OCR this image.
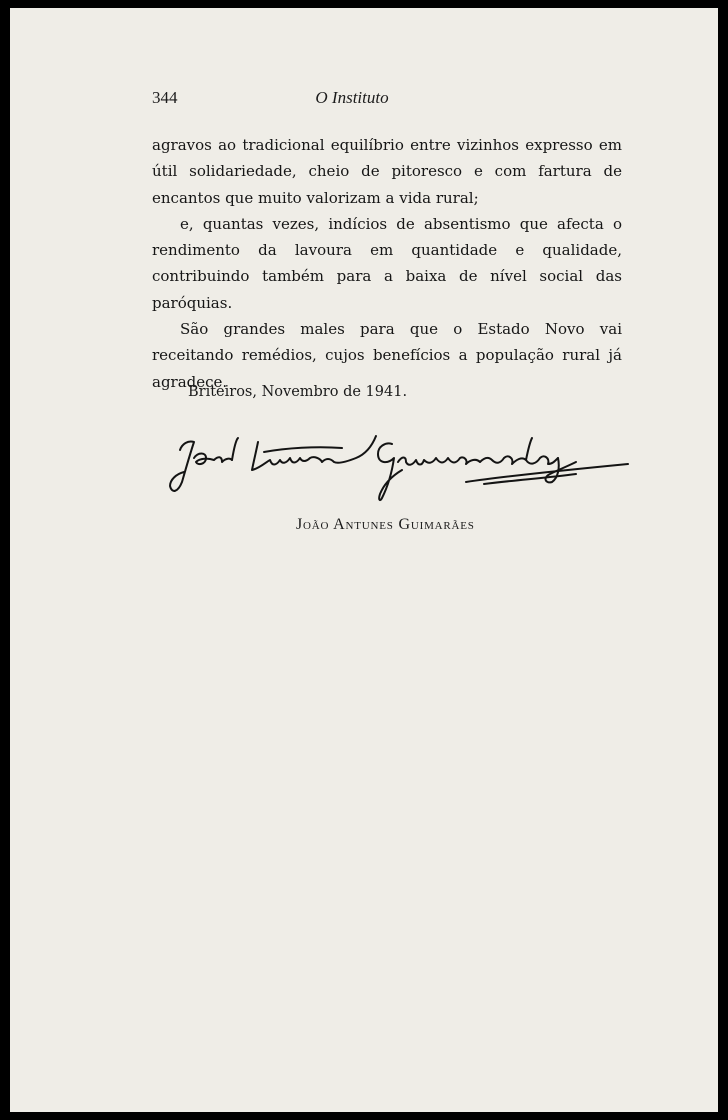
344	O Instituto

agravos ao tradicional equilíbrio entre vizinhos expresso em útil solidariedade, cheio de pitoresco e com fartura de encantos que muito valorizam a vida rural;

e, quantas vezes, indícios de absentismo que afecta o rendimento da lavoura em quantidade e qualidade, contribuindo também para a baixa de nível social das paróquias.

São grandes males para que o Estado Novo vai receitando remédios, cujos benefícios a população rural já agradece.

Briteiros, Novembro de 1941.
João Antunes Guimarães
